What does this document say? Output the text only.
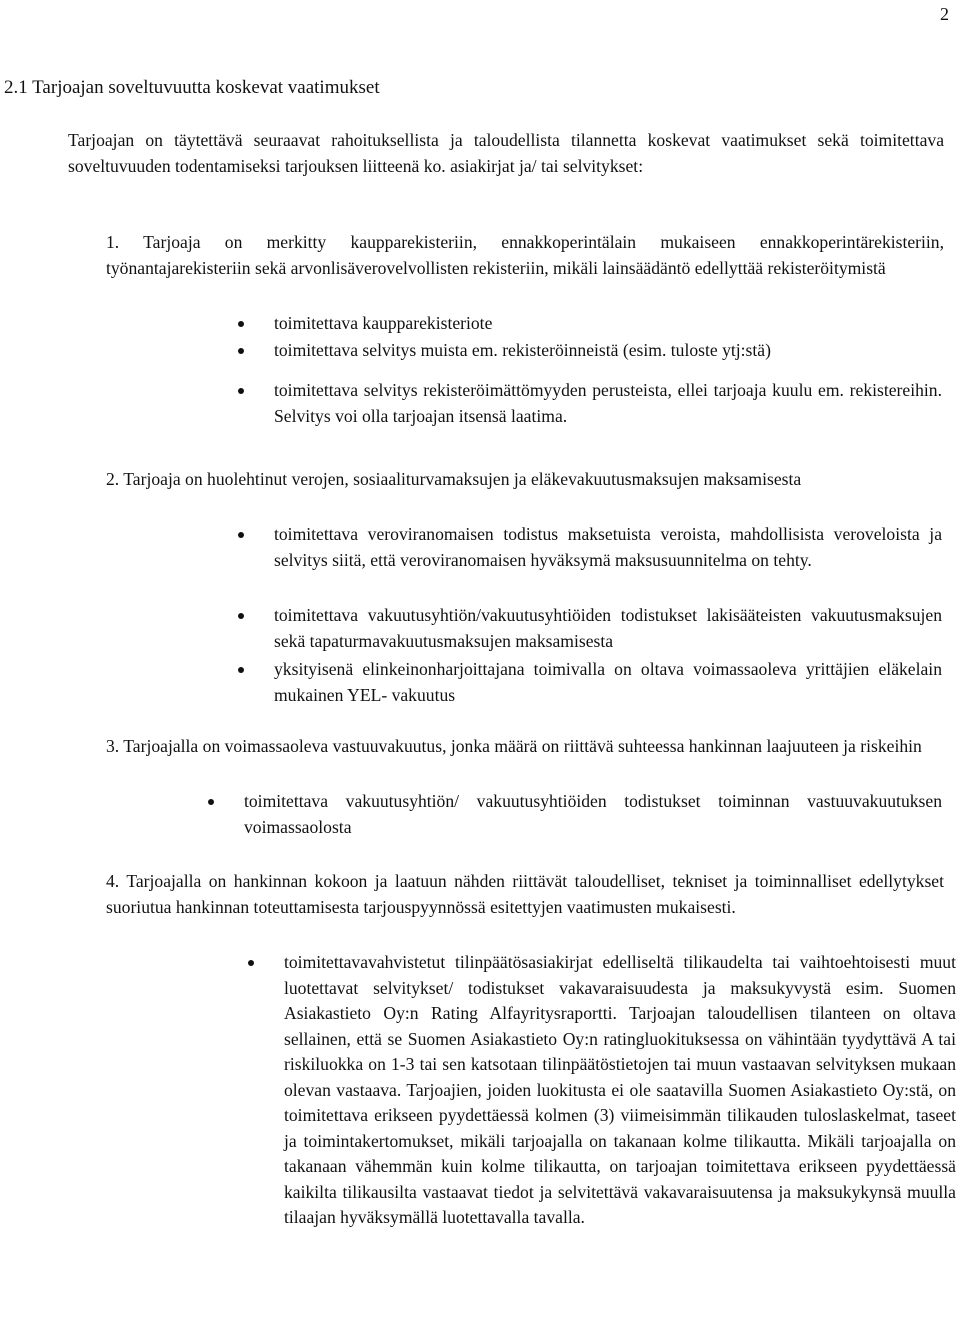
2
2.1 Tarjoajan soveltuvuutta koskevat vaatimukset

Tarjoajan on täytettävä seuraavat rahoituksellista ja taloudellista tilannetta koskevat vaatimukset sekä toimitettava soveltuvuuden todentamiseksi tarjouksen liitteenä ko. asiakirjat ja/ tai selvitykset:

1. Tarjoaja on merkitty kaupparekisteriin, ennakkoperintälain mukaiseen ennakkoperintärekisteriin, työnantajarekisteriin sekä arvonlisäverovelvollisten rekisteriin, mikäli lainsäädäntö edellyttää rekisteröitymistä

toimitettava kaupparekisteriote

toimitettava selvitys muista em. rekisteröinneistä (esim. tuloste ytj:stä)

toimitettava selvitys rekisteröimättömyyden perusteista, ellei tarjoaja kuulu em. rekistereihin. Selvitys voi olla tarjoajan itsensä laatima.

2. Tarjoaja on huolehtinut verojen, sosiaaliturvamaksujen ja eläkevakuutusmaksujen maksamisesta

toimitettava veroviranomaisen todistus maksetuista veroista, mahdollisista veroveloista ja selvitys siitä, että veroviranomaisen hyväksymä maksusuunnitelma on tehty.

toimitettava vakuutusyhtiön/vakuutusyhtiöiden todistukset lakisääteisten vakuutusmaksujen sekä tapaturmavakuutusmaksujen maksamisesta

yksityisenä elinkeinonharjoittajana toimivalla on oltava voimassaoleva yrittäjien eläkelain mukainen YEL- vakuutus

3. Tarjoajalla on voimassaoleva vastuuvakuutus, jonka määrä on riittävä suhteessa hankinnan laajuuteen ja riskeihin

toimitettava vakuutusyhtiön/ vakuutusyhtiöiden todistukset toiminnan vastuuvakuutuksen voimassaolosta

4. Tarjoajalla on hankinnan kokoon ja laatuun nähden riittävät taloudelliset, tekniset ja toiminnalliset edellytykset suoriutua hankinnan toteuttamisesta tarjouspyynnössä esitettyjen vaatimusten mukaisesti.

toimitettavavahvistetut tilinpäätösasiakirjat edelliseltä tilikaudelta tai vaihtoehtoisesti muut luotettavat selvitykset/ todistukset vakavaraisuudesta ja maksukyvystä esim. Suomen Asiakastieto Oy:n Rating Alfayritysraportti. Tarjoajan taloudellisen tilanteen on oltava sellainen, että se Suomen Asiakastieto Oy:n ratingluokituksessa on vähintään tyydyttävä A tai riskiluokka on 1-3 tai sen katsotaan tilinpäätöstietojen tai muun vastaavan selvityksen mukaan olevan vastaava. Tarjoajien, joiden luokitusta ei ole saatavilla Suomen Asiakastieto Oy:stä, on toimitettava erikseen pyydettäessä kolmen (3) viimeisimmän tilikauden tuloslaskelmat, taseet ja toimintakertomukset, mikäli tarjoajalla on takanaan kolme tilikautta. Mikäli tarjoajalla on takanaan vähemmän kuin kolme tilikautta, on tarjoajan toimitettava erikseen pyydettäessä kaikilta tilikausilta vastaavat tiedot ja selvitettävä vakavaraisuutensa ja maksukykynsä muulla tilaajan hyväksymällä luotettavalla tavalla.
